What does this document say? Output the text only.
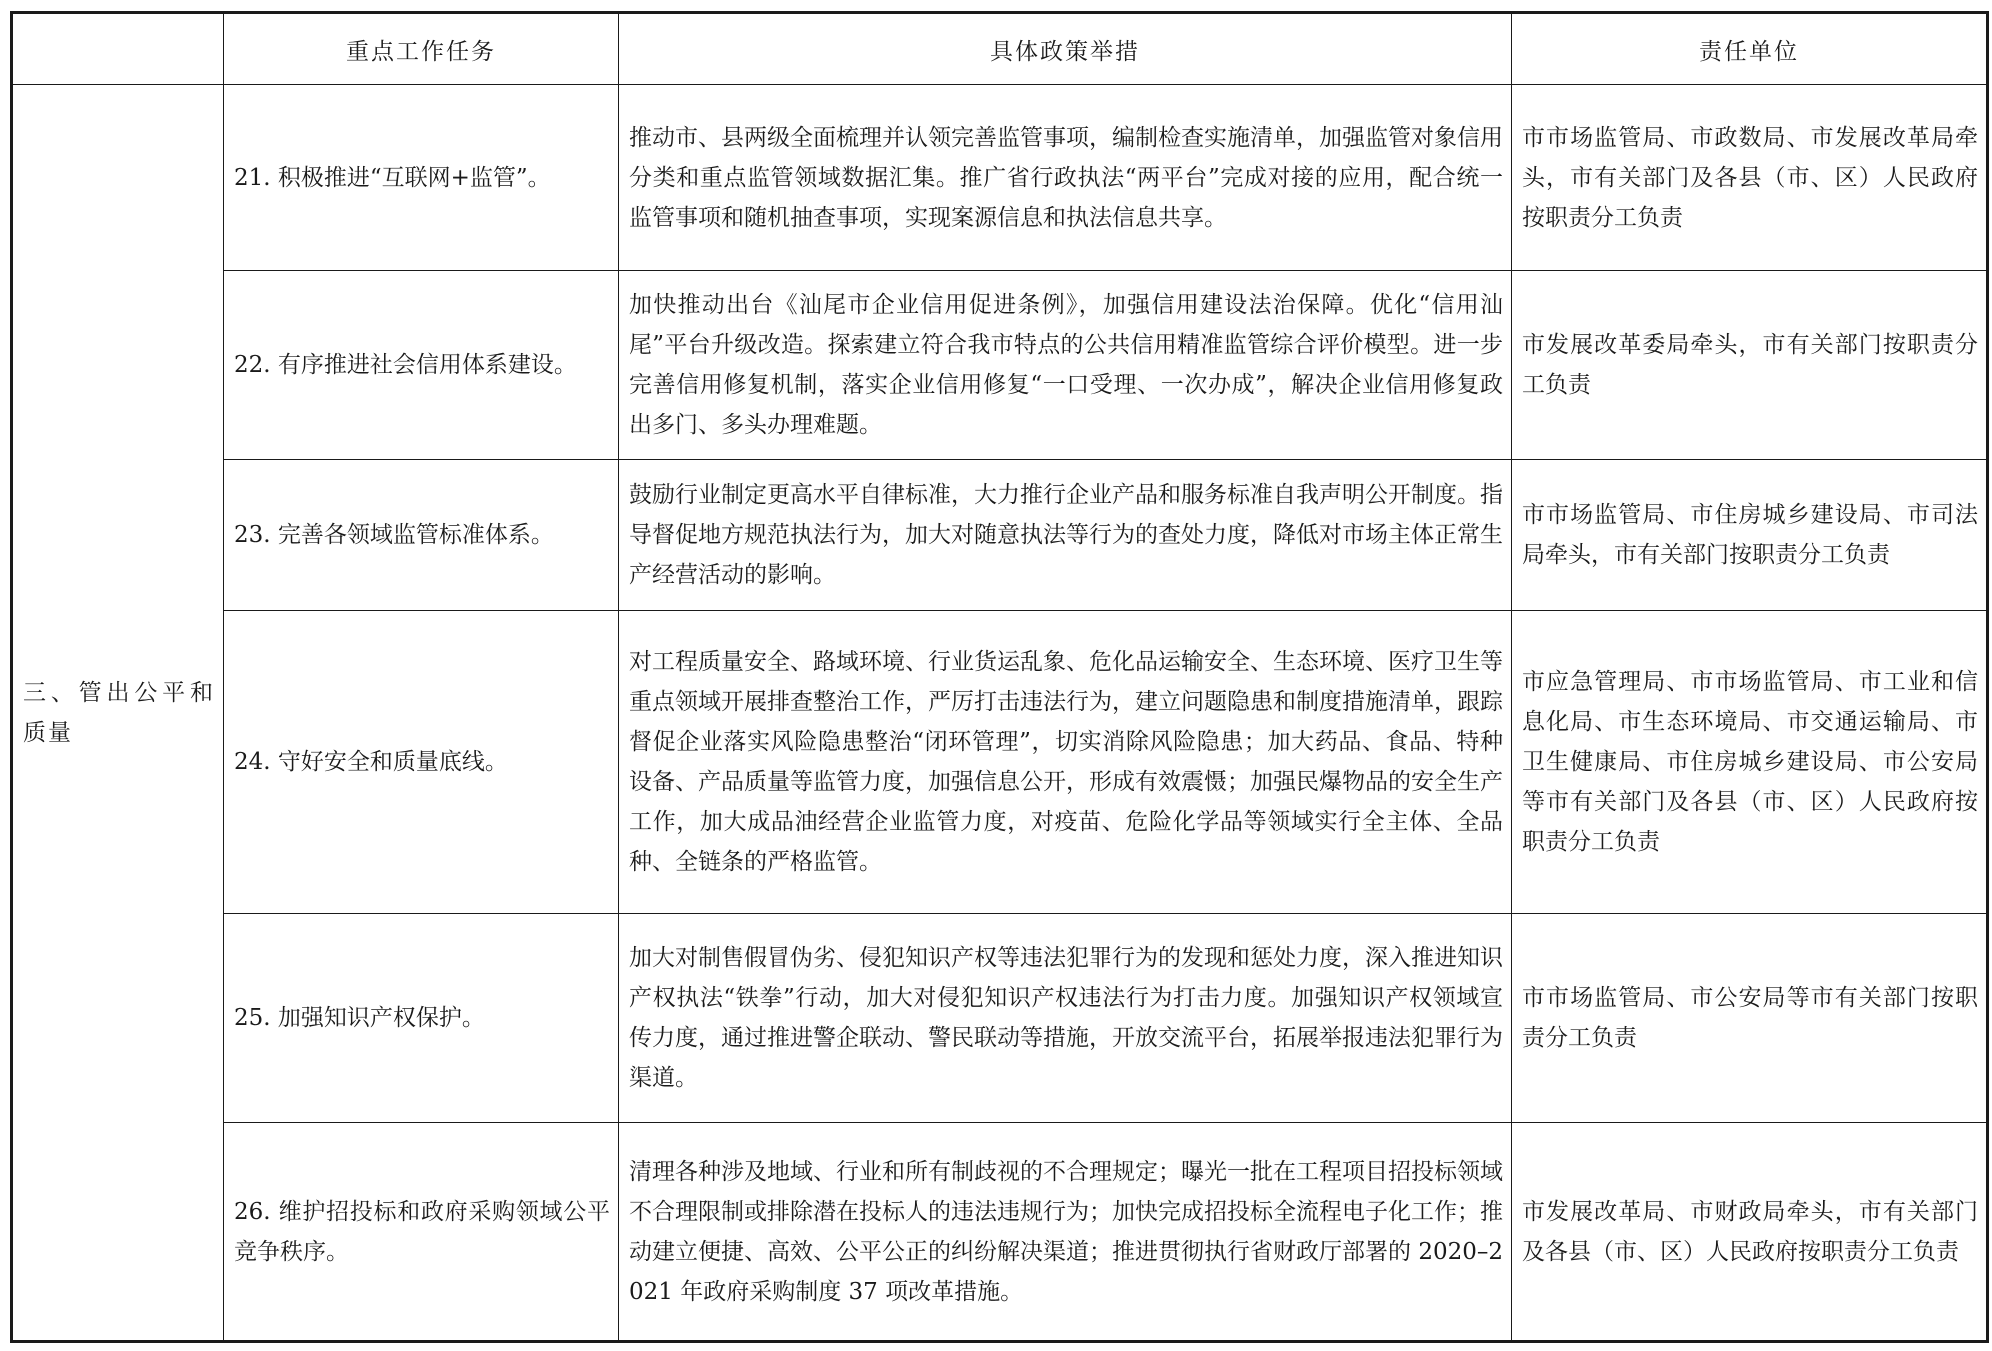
	重点工作任务	具体政策举措	责任单位

三、管出公平和质量	21. 积极推进“互联网+监管”。	推动市、县两级全面梳理并认领完善监管事项，编制检查实施清单，加强监管对象信用分类和重点监管领域数据汇集。推广省行政执法“两平台”完成对接的应用，配合统一监管事项和随机抽查事项，实现案源信息和执法信息共享。	市市场监管局、市政数局、市发展改革局牵头，市有关部门及各县（市、区）人民政府按职责分工负责

	22. 有序推进社会信用体系建设。	加快推动出台《汕尾市企业信用促进条例》，加强信用建设法治保障。优化“信用汕尾”平台升级改造。探索建立符合我市特点的公共信用精准监管综合评价模型。进一步完善信用修复机制，落实企业信用修复“一口受理、一次办成”，解决企业信用修复政出多门、多头办理难题。	市发展改革委局牵头，市有关部门按职责分工负责

	23. 完善各领域监管标准体系。	鼓励行业制定更高水平自律标准，大力推行企业产品和服务标准自我声明公开制度。指导督促地方规范执法行为，加大对随意执法等行为的查处力度，降低对市场主体正常生产经营活动的影响。	市市场监管局、市住房城乡建设局、市司法局牵头，市有关部门按职责分工负责

	24. 守好安全和质量底线。	对工程质量安全、路域环境、行业货运乱象、危化品运输安全、生态环境、医疗卫生等重点领域开展排查整治工作，严厉打击违法行为，建立问题隐患和制度措施清单，跟踪督促企业落实风险隐患整治“闭环管理”，切实消除风险隐患；加大药品、食品、特种设备、产品质量等监管力度，加强信息公开，形成有效震慑；加强民爆物品的安全生产工作，加大成品油经营企业监管力度，对疫苗、危险化学品等领域实行全主体、全品种、全链条的严格监管。	市应急管理局、市市场监管局、市工业和信息化局、市生态环境局、市交通运输局、市卫生健康局、市住房城乡建设局、市公安局等市有关部门及各县（市、区）人民政府按职责分工负责

	25. 加强知识产权保护。	加大对制售假冒伪劣、侵犯知识产权等违法犯罪行为的发现和惩处力度，深入推进知识产权执法“铁拳”行动，加大对侵犯知识产权违法行为打击力度。加强知识产权领域宣传力度，通过推进警企联动、警民联动等措施，开放交流平台，拓展举报违法犯罪行为渠道。	市市场监管局、市公安局等市有关部门按职责分工负责

	26. 维护招投标和政府采购领域公平竞争秩序。	清理各种涉及地域、行业和所有制歧视的不合理规定；曝光一批在工程项目招投标领域不合理限制或排除潜在投标人的违法违规行为；加快完成招投标全流程电子化工作；推动建立便捷、高效、公平公正的纠纷解决渠道；推进贯彻执行省财政厅部署的 2020–2021 年政府采购制度 37 项改革措施。	市发展改革局、市财政局牵头，市有关部门及各县（市、区）人民政府按职责分工负责
